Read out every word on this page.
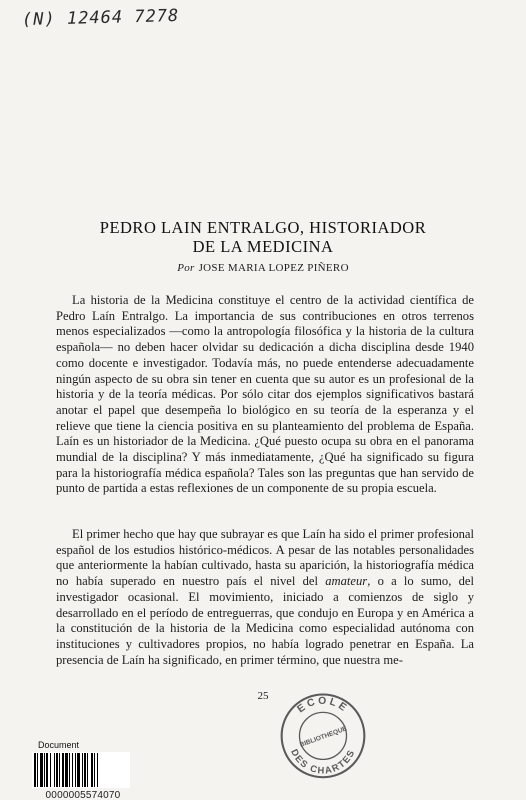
(N) 12464 7278
PEDRO LAIN ENTRALGO, HISTORIADOR
DE LA MEDICINA
Por JOSE MARIA LOPEZ PIÑERO

La historia de la Medicina constituye el centro de la actividad científica de Pedro Laín Entralgo. La importancia de sus contribuciones en otros terrenos menos especializados —como la antropología filosófica y la historia de la cultura española— no deben hacer olvidar su dedicación a dicha disciplina desde 1940 como docente e investigador. Todavía más, no puede entenderse adecuadamente ningún aspecto de su obra sin tener en cuenta que su autor es un profesional de la historia y de la teoría médicas. Por sólo citar dos ejemplos significativos bastará anotar el papel que desempeña lo biológico en su teoría de la esperanza y el relieve que tiene la ciencia positiva en su planteamiento del problema de España. Laín es un historiador de la Medicina. ¿Qué puesto ocupa su obra en el panorama mundial de la disciplina? Y más inmediatamente, ¿Qué ha significado su figura para la historiografía médica española? Tales son las preguntas que han servido de punto de partida a estas reflexiones de un componente de su propia escuela.

El primer hecho que hay que subrayar es que Laín ha sido el primer profesional español de los estudios histórico-médicos. A pesar de las notables personalidades que anteriormente la habían cultivado, hasta su aparición, la historiografía médica no había superado en nuestro país el nivel del amateur, o a lo sumo, del investigador ocasional. El movimiento, iniciado a comienzos de siglo y desarrollado en el período de entreguerras, que condujo en Europa y en América a la constitución de la historia de la Medicina como especialidad autónoma con instituciones y cultivadores propios, no había logrado penetrar en España. La presencia de Laín ha significado, en primer término, que nuestra me-

25
ECOLE
BIBLIOTHEQUE
DES CHARTES
Document
0000005574070
